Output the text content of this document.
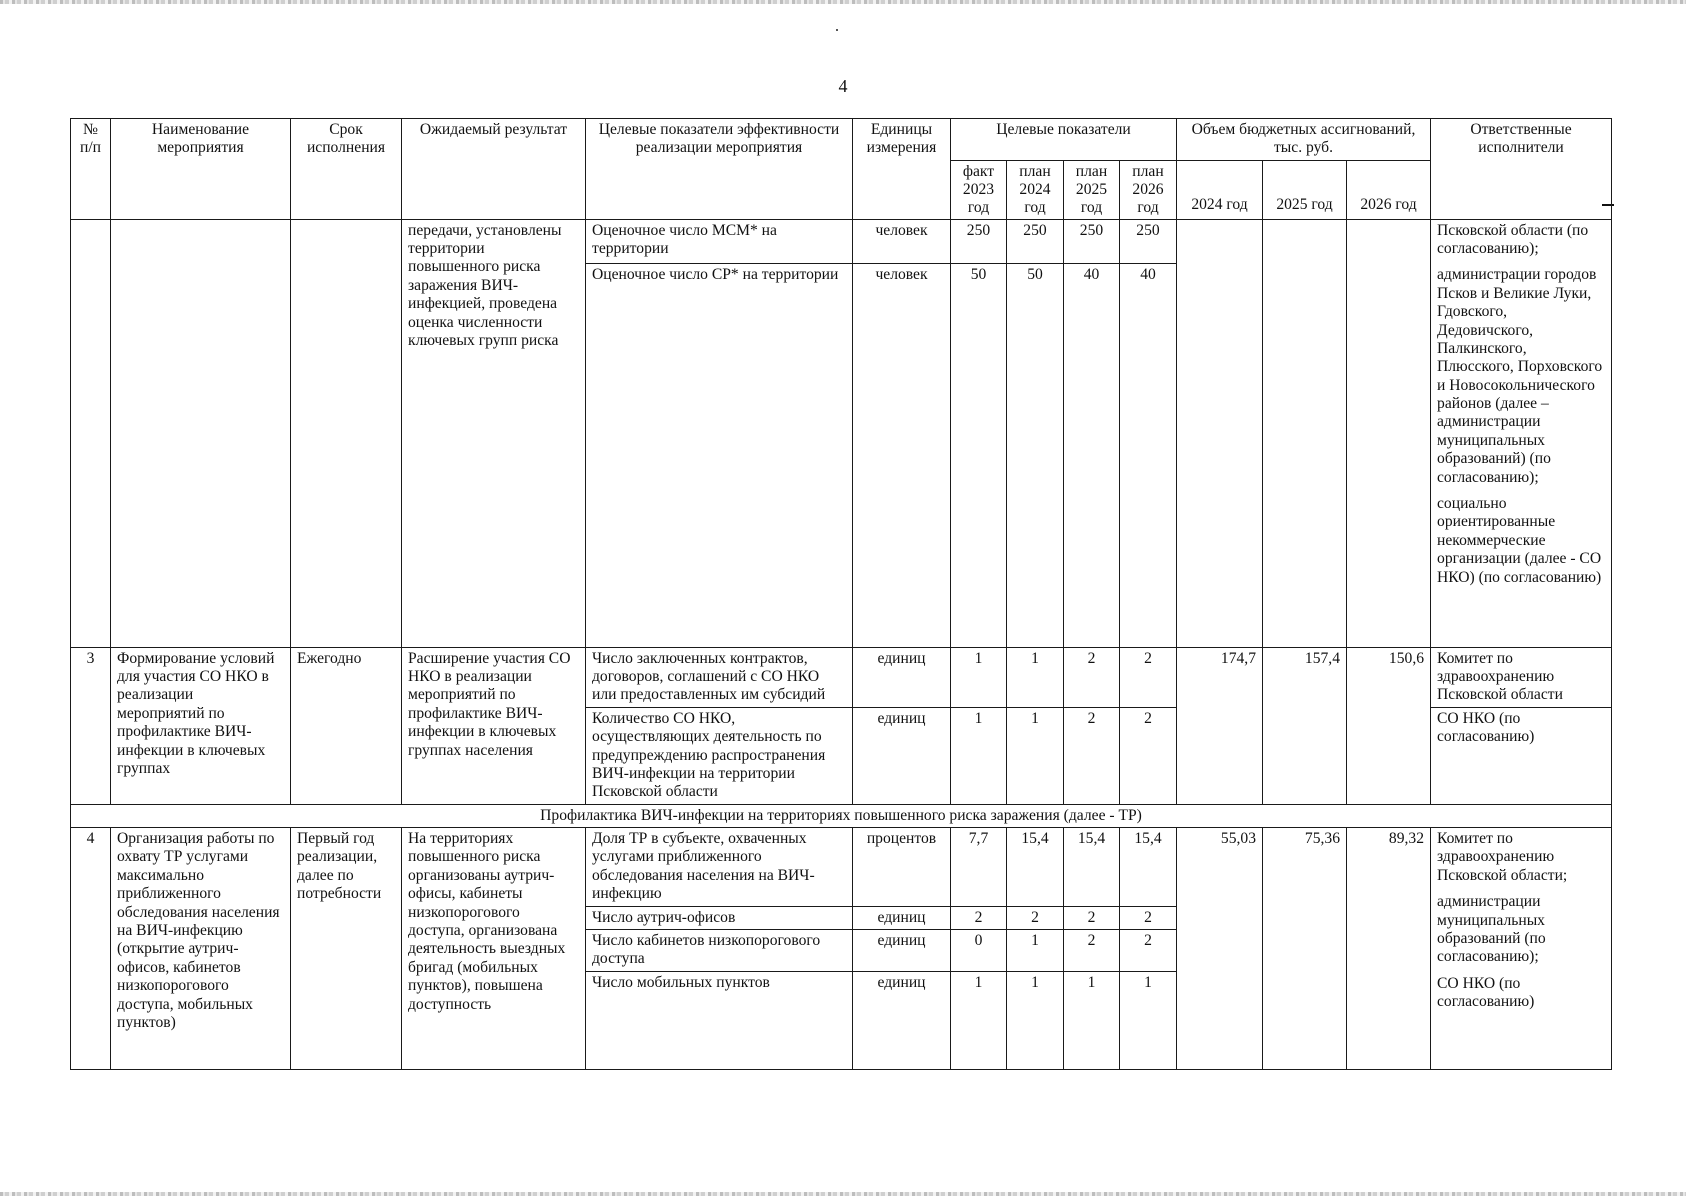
4
№ п/п	Наименование мероприятия	Срок исполнения	Ожидаемый результат	Целевые показатели эффективности реализации мероприятия	Единицы измерения	Целевые показатели				Объем бюджетных ассигнований, тыс. руб.			Ответственные исполнители
						факт 2023 год	план 2024 год	план 2025 год	план 2026 год	2024 год	2025 год	2026 год	
			передачи, установлены территории повышенного риска заражения ВИЧ-инфекцией, проведена оценка численности ключевых групп риска	Оценочное число МСМ* на территории	человек	250	250	250	250				Псковской области (по согласованию);

администрации городов Псков и Великие Луки, Гдовского, Дедовичского, Палкинского, Плюсского, Порховского и Новосокольнического районов (далее – администрации муниципальных образований) (по согласованию);

социально ориентированные некоммерческие организации (далее - СО НКО) (по согласованию)

				Оценочное число СР* на территории	человек	50	50	40	40				
3	Формирование условий для участия СО НКО в реализации мероприятий по профилактике ВИЧ-инфекции в ключевых группах	Ежегодно	Расширение участия СО НКО в реализации мероприятий по профилактике ВИЧ-инфекции в ключевых группах населения	Число заключенных контрактов, договоров, соглашений с СО НКО или предоставленных им субсидий	единиц	1	1	2	2	174,7	157,4	150,6	Комитет по здравоохранению Псковской области
				Количество СО НКО, осуществляющих деятельность по предупреждению распространения ВИЧ-инфекции на территории Псковской области	единиц	1	1	2	2				СО НКО (по согласованию)
Профилактика ВИЧ-инфекции на территориях повышенного риска заражения (далее - ТР)													
4	Организация работы по охвату ТР услугами максимально приближенного обследования населения на ВИЧ-инфекцию (открытие аутрич-офисов, кабинетов низкопорогового доступа, мобильных пунктов)	Первый год реализации, далее по потребности	На территориях повышенного риска организованы аутрич-офисы, кабинеты низкопорогового доступа, организована деятельность выездных бригад (мобильных пунктов), повышена доступность	Доля ТР в субъекте, охваченных услугами приближенного обследования населения на ВИЧ-инфекцию	процентов	7,7	15,4	15,4	15,4	55,03	75,36	89,32	Комитет по здравоохранению Псковской области;

администрации муниципальных образований (по согласованию);

СО НКО (по согласованию)

				Число аутрич-офисов	единиц	2	2	2	2				
				Число кабинетов низкопорогового доступа	единиц	0	1	2	2				
				Число мобильных пунктов	единиц	1	1	1	1				
